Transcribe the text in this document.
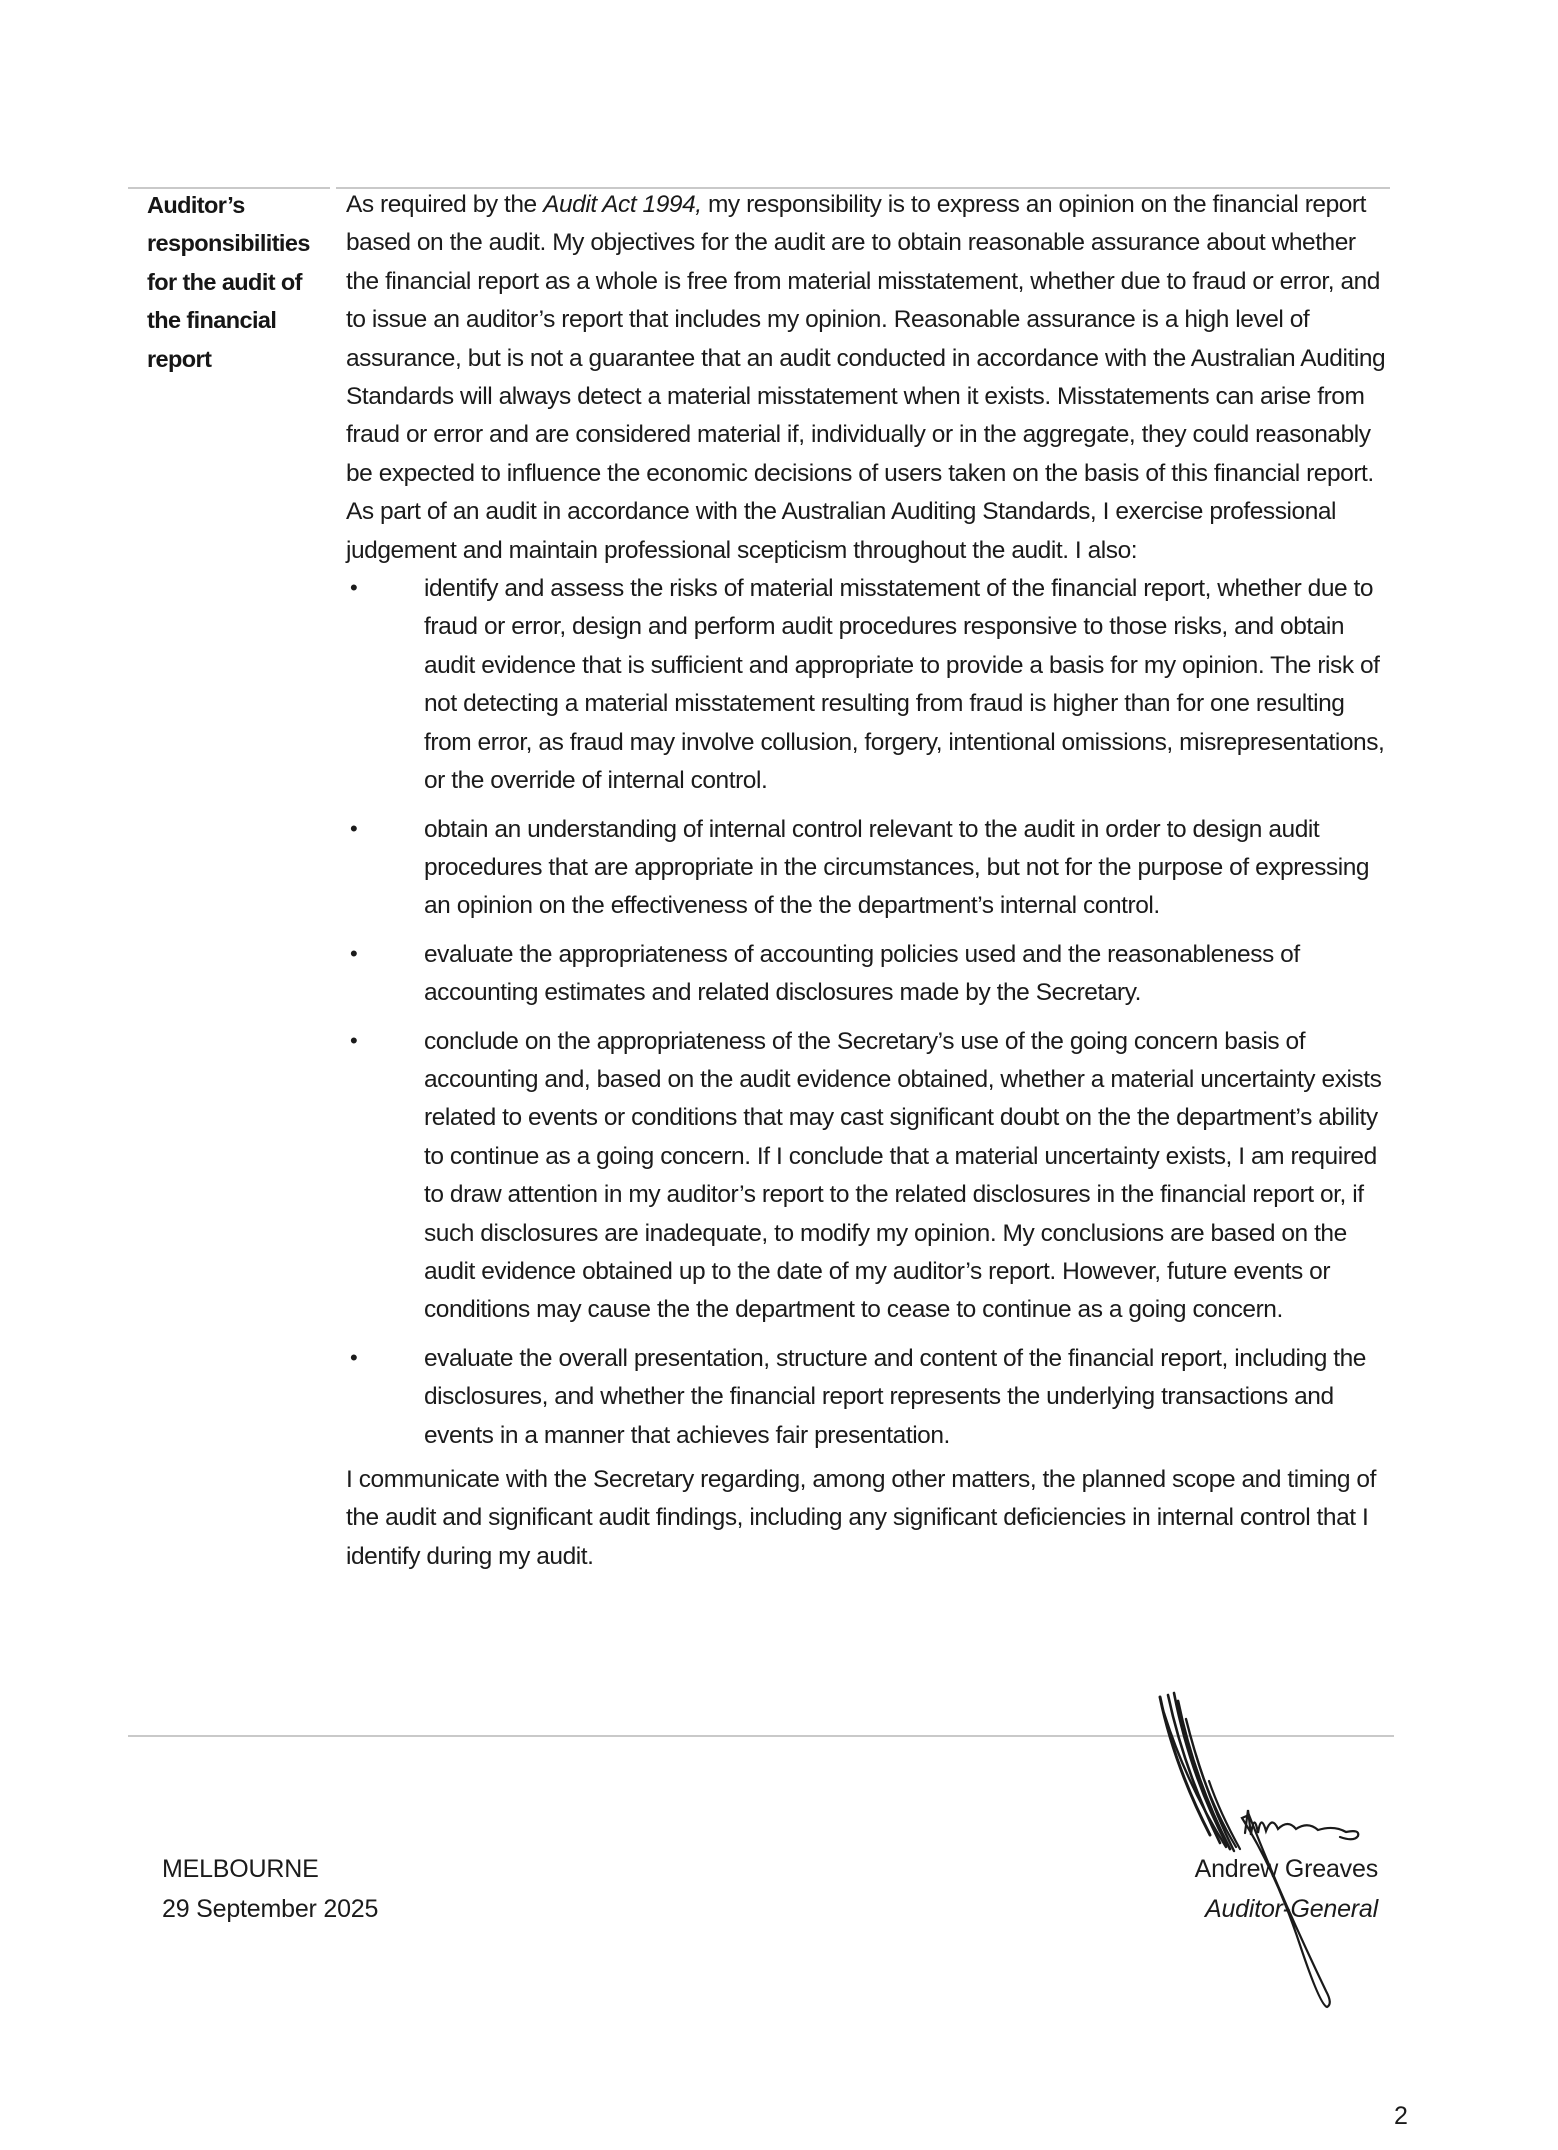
Auditor’s responsibilities for the audit of the financial report

As required by the Audit Act 1994, my responsibility is to express an opinion on the financial report based on the audit. My objectives for the audit are to obtain reasonable assurance about whether the financial report as a whole is free from material misstatement, whether due to fraud or error, and to issue an auditor’s report that includes my opinion. Reasonable assurance is a high level of assurance, but is not a guarantee that an audit conducted in accordance with the Australian Auditing Standards will always detect a material misstatement when it exists. Misstatements can arise from fraud or error and are considered material if, individually or in the aggregate, they could reasonably be expected to influence the economic decisions of users taken on the basis of this financial report.

As part of an audit in accordance with the Australian Auditing Standards, I exercise professional judgement and maintain professional scepticism throughout the audit. I also:

•	identify and assess the risks of material misstatement of the financial report, whether due to fraud or error, design and perform audit procedures responsive to those risks, and obtain audit evidence that is sufficient and appropriate to provide a basis for my opinion. The risk of not detecting a material misstatement resulting from fraud is higher than for one resulting from error, as fraud may involve collusion, forgery, intentional omissions, misrepresentations, or the override of internal control.
•	obtain an understanding of internal control relevant to the audit in order to design audit procedures that are appropriate in the circumstances, but not for the purpose of expressing an opinion on the effectiveness of the the department’s internal control.
•	evaluate the appropriateness of accounting policies used and the reasonableness of accounting estimates and related disclosures made by the Secretary.
•	conclude on the appropriateness of the Secretary’s use of the going concern basis of accounting and, based on the audit evidence obtained, whether a material uncertainty exists related to events or conditions that may cast significant doubt on the the department’s ability to continue as a going concern. If I conclude that a material uncertainty exists, I am required to draw attention in my auditor’s report to the related disclosures in the financial report or, if such disclosures are inadequate, to modify my opinion. My conclusions are based on the audit evidence obtained up to the date of my auditor’s report. However, future events or conditions may cause the the department to cease to continue as a going concern.
•	evaluate the overall presentation, structure and content of the financial report, including the disclosures, and whether the financial report represents the underlying transactions and events in a manner that achieves fair presentation.

I communicate with the Secretary regarding, among other matters, the planned scope and timing of the audit and significant audit findings, including any significant deficiencies in internal control that I identify during my audit.

MELBOURNE
29 September 2025
Andrew Greaves
Auditor-General
2
